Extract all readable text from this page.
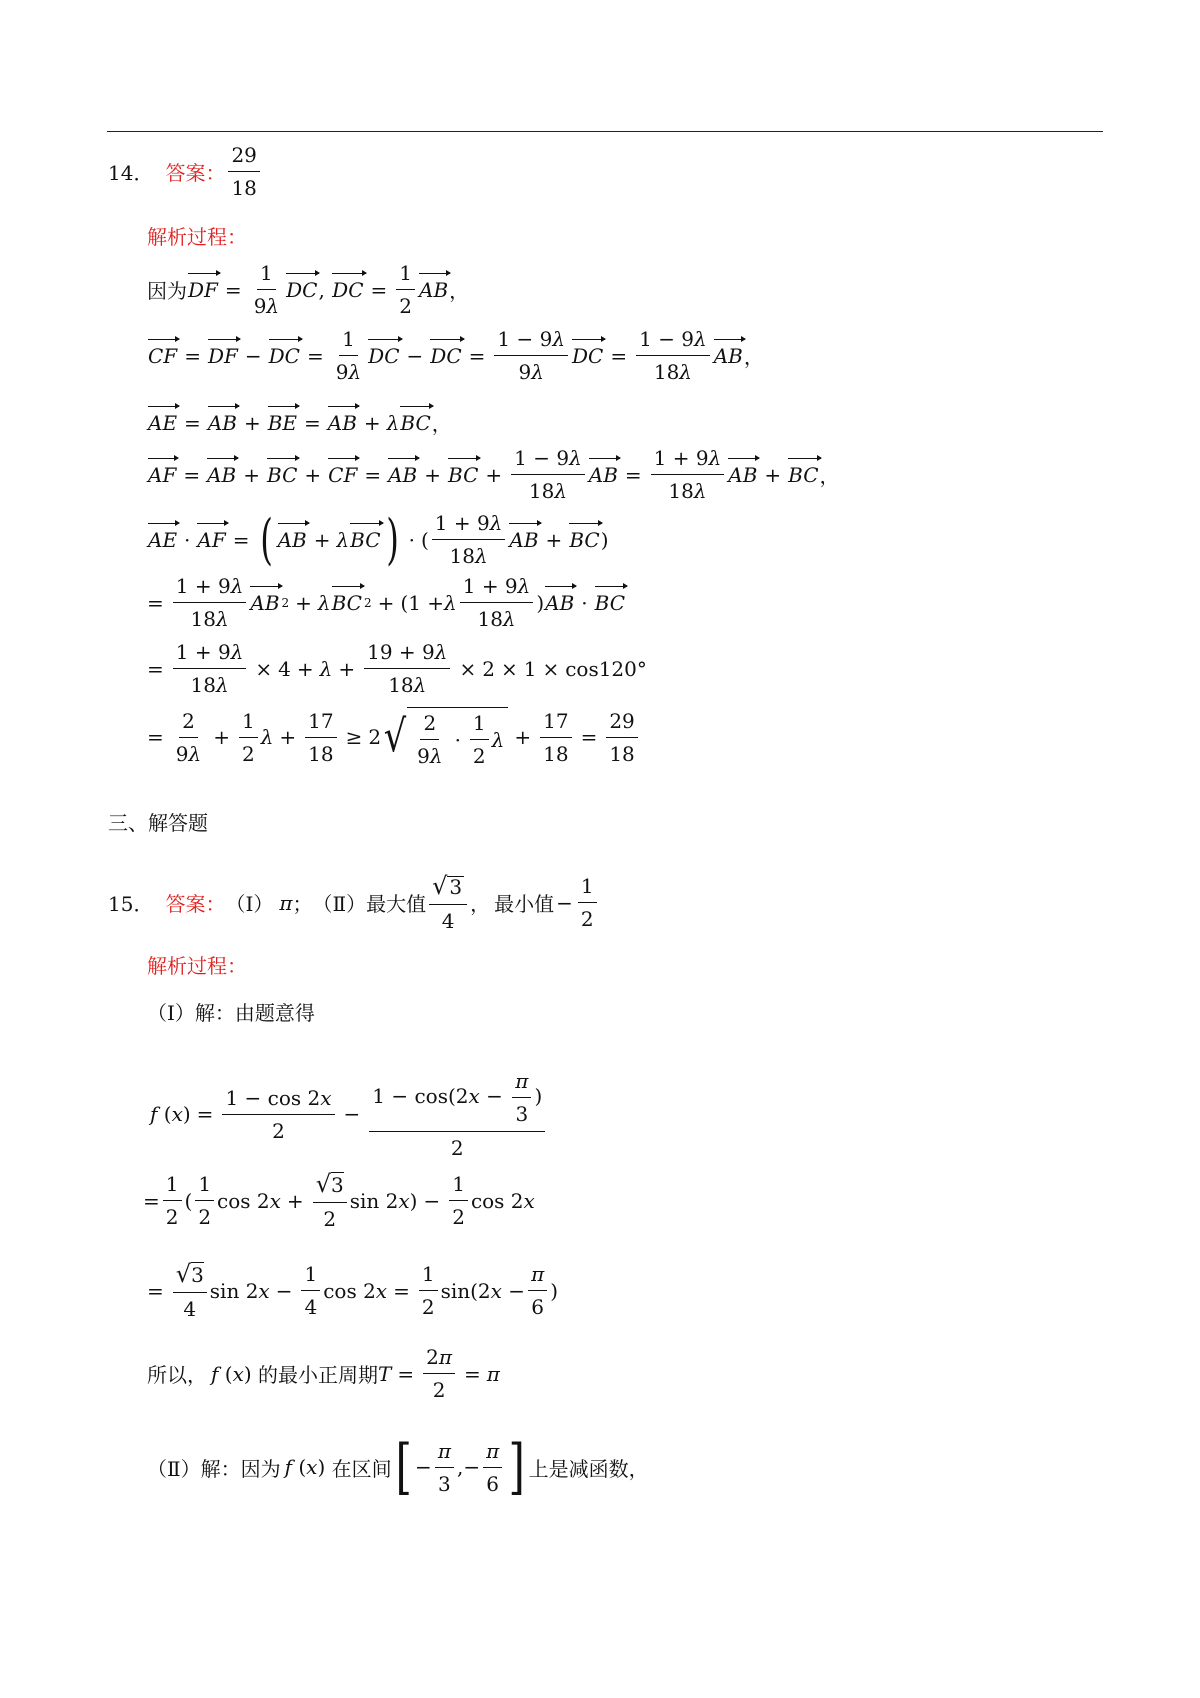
14． 答案： $\frac{29}{18}$
解析过程：
因为 DF = $\frac{1}{9\lambda}$ DC , DC = $\frac{1}{2}$ AB ，
CF = DF − DC = $\frac{1}{9\lambda}$ DC − DC = $\frac{1 - 9\lambda}{9\lambda}$ DC = $\frac{1 - 9\lambda}{18\lambda}$ AB ，
AE = AB + BE = AB + λ BC ，
AF = AB + BC + CF = AB + BC + $\frac{1 - 9\lambda}{18\lambda}$ AB = $\frac{1 + 9\lambda}{18\lambda}$ AB + BC ，
AE · AF = ( AB + λ BC ) · ( $\frac{1 + 9\lambda}{18\lambda}$ AB + BC )
= $\frac{1 + 9\lambda}{18\lambda}$ AB 2 + λ BC 2 + (1 + λ $\frac{1 + 9\lambda}{18\lambda}$ ) AB · BC
= $\frac{1 + 9\lambda}{18\lambda} \times 4 + \lambda + \frac{19 + 9\lambda}{18\lambda} \times 2 \times 1 \times \cos 120^\circ$
= $\frac{2}{9\lambda} + \frac{1}{2}$ $\lambda + \frac{17}{18} \ge 2$ √ $\frac{2}{9\lambda} \cdot \frac{1}{2}$ $\lambda + \frac{17}{18} = \frac{29}{18}$
三、解答题
15． 答案： （Ⅰ） π ； （Ⅱ） 最大值 $\frac{√ 3}{4}$ ， 最小值 − $\frac{1}{2}$
解析过程：
（Ⅰ）解：由题意得
f ( x ) = $\frac{1 - \cos 2x}{2} - \frac{1 - \cos(2x - \frac{\pi}{3} )}{2}$
= $\frac{1}{2}$ ( $\frac{1}{2}$ $\cos 2x + \frac{√3}{2}$ $\sin 2x) - \frac{1}{2}$ cos 2x
= $\frac{√3}{4}$ $\sin 2x - \frac{1}{4}$ $\cos 2x = \frac{1}{2} \sin(2x - \frac{\pi}{6}$ )
所以， f ( x ) 的最小正周期 $T = \frac{2\pi}{2} = \pi$
（Ⅱ）解：因为 f ( x ) 在区间 [ − $\frac{\pi}{3}$ , − $\frac{\pi}{6}$ ] 上是减函数，
